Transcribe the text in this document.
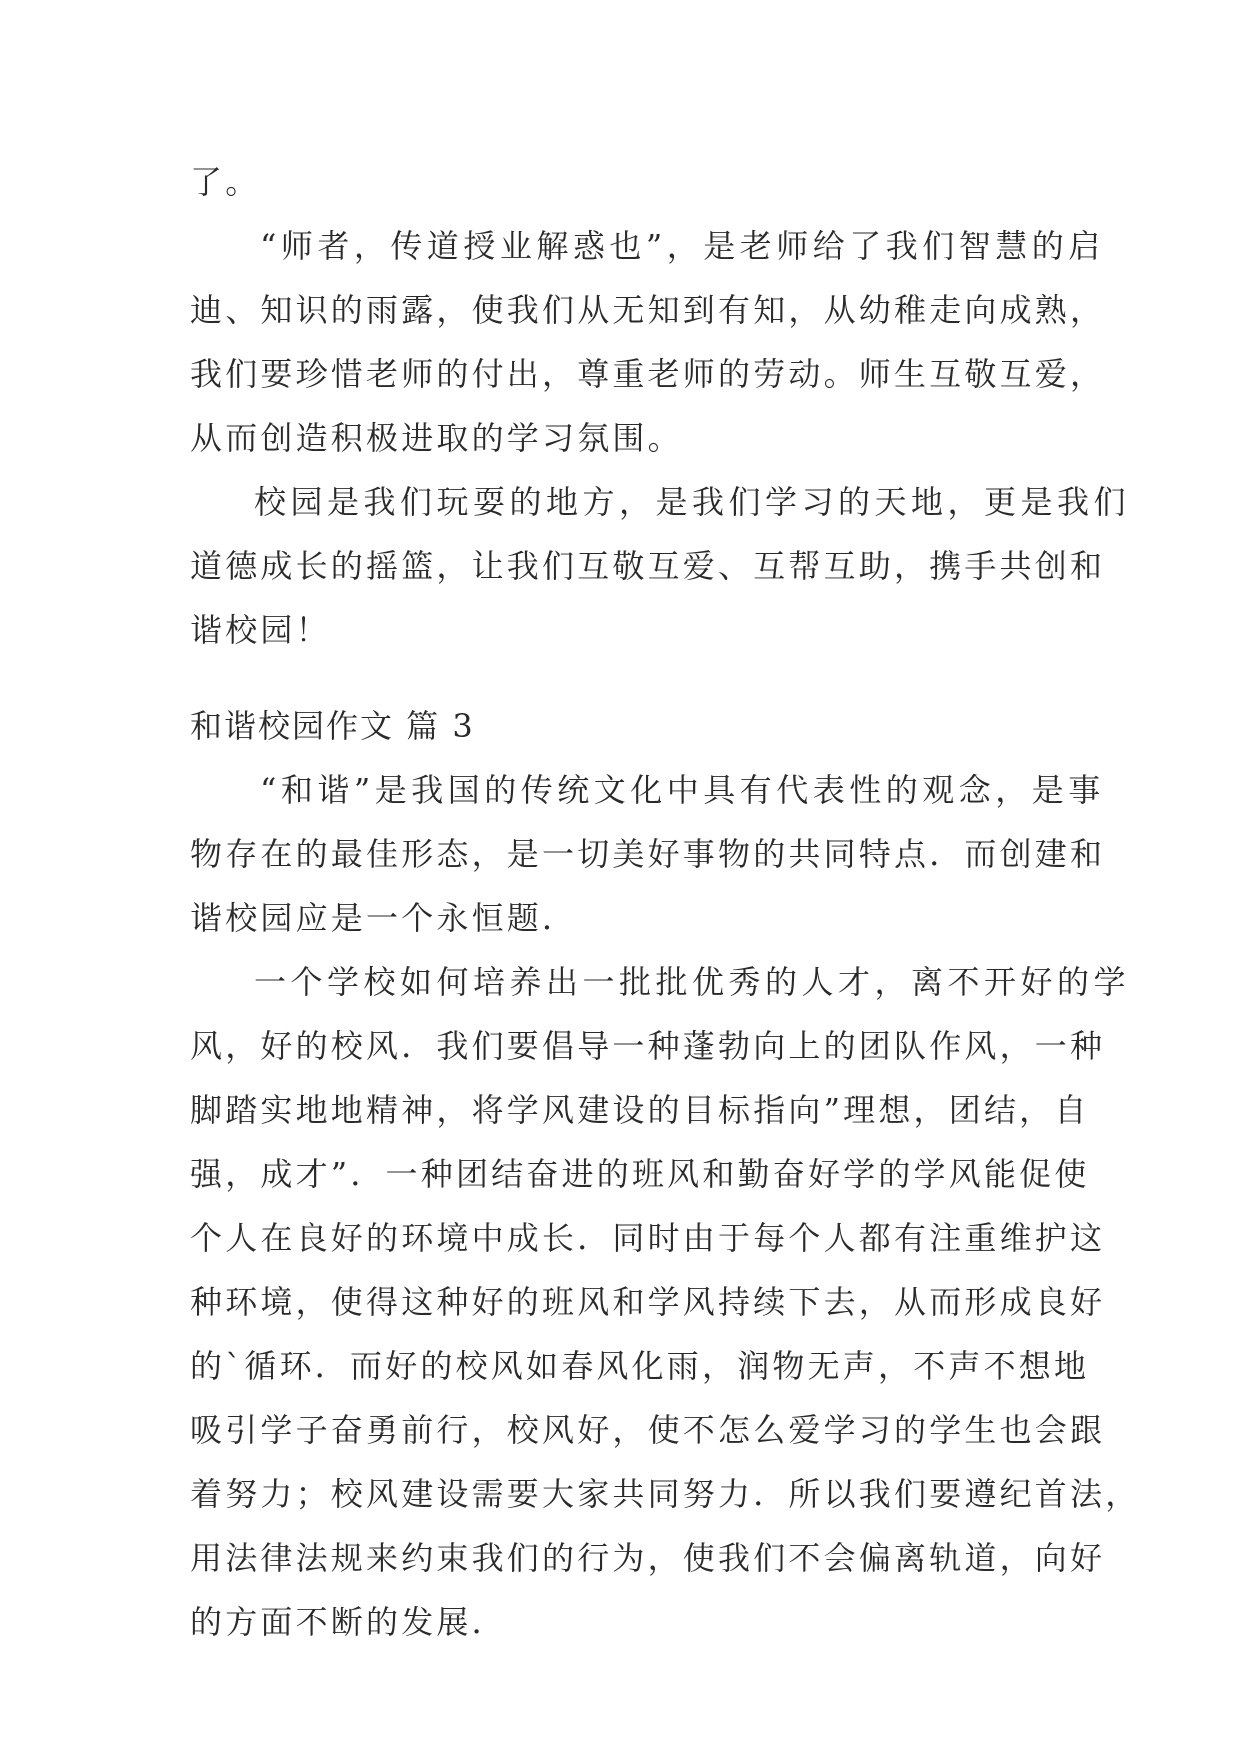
了。
“师者，传道授业解惑也”，是老师给了我们智慧的启
迪、知识的雨露，使我们从无知到有知，从幼稚走向成熟，
我们要珍惜老师的付出，尊重老师的劳动。师生互敬互爱，
从而创造积极进取的学习氛围。
校园是我们玩耍的地方，是我们学习的天地，更是我们
道德成长的摇篮，让我们互敬互爱、互帮互助，携手共创和
谐校园！
和谐校园作文 篇 3
“和谐”是我国的传统文化中具有代表性的观念，是事
物存在的最佳形态，是一切美好事物的共同特点．而创建和
谐校园应是一个永恒题．
一个学校如何培养出一批批优秀的人才，离不开好的学
风，好的校风．我们要倡导一种蓬勃向上的团队作风，一种
脚踏实地地精神，将学风建设的目标指向”理想，团结，自
强，成才”．一种团结奋进的班风和勤奋好学的学风能促使
个人在良好的环境中成长．同时由于每个人都有注重维护这
种环境，使得这种好的班风和学风持续下去，从而形成良好
的`循环．而好的校风如春风化雨，润物无声，不声不想地
吸引学子奋勇前行，校风好，使不怎么爱学习的学生也会跟
着努力；校风建设需要大家共同努力．所以我们要遵纪首法，
用法律法规来约束我们的行为，使我们不会偏离轨道，向好
的方面不断的发展．
